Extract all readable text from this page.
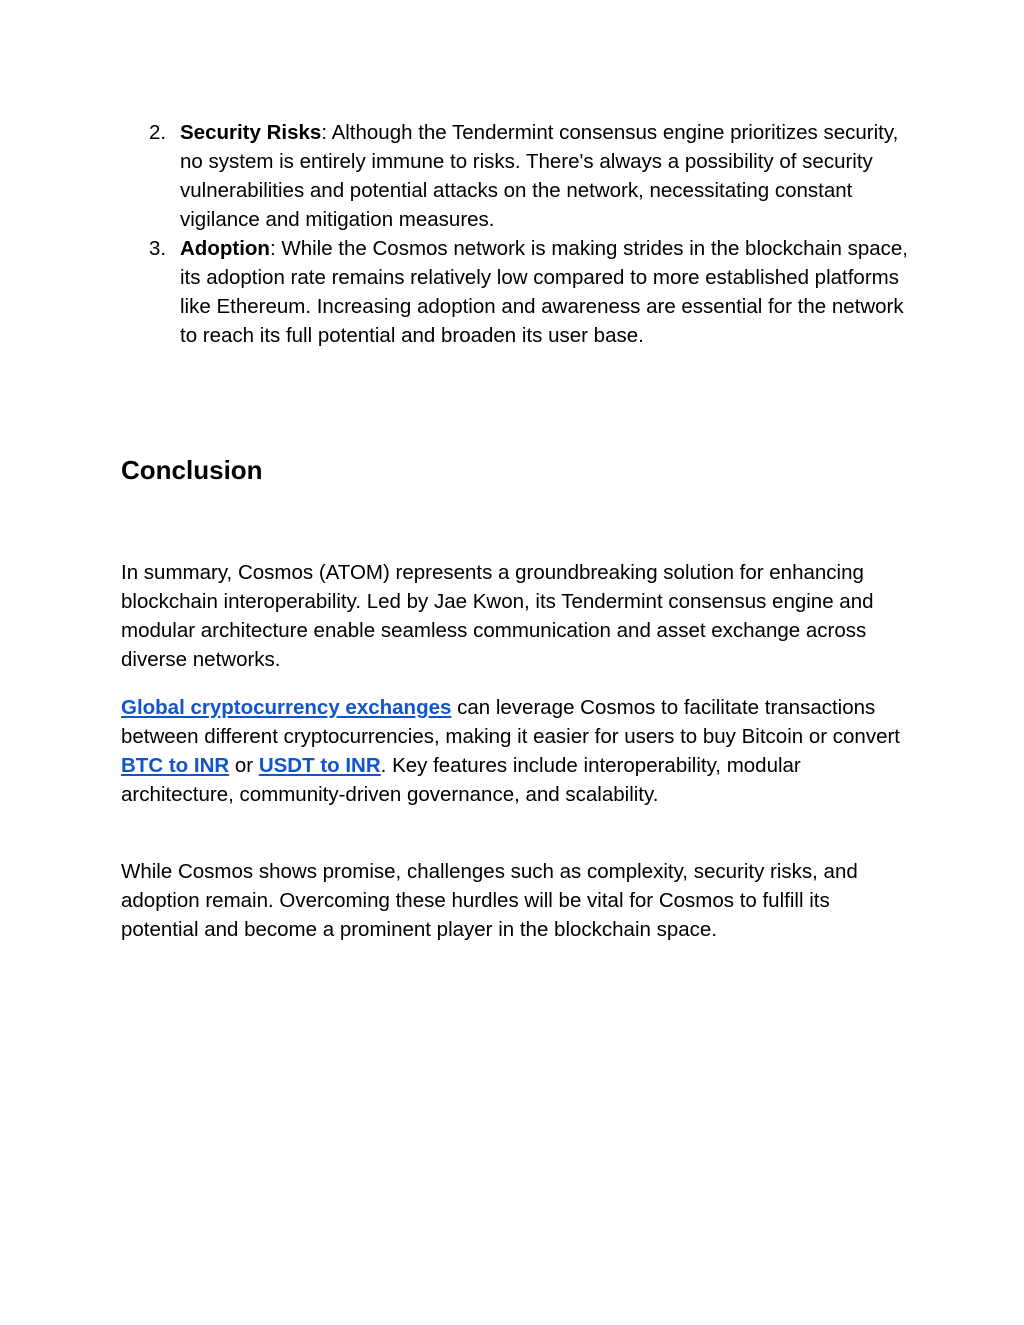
2. Security Risks: Although the Tendermint consensus engine prioritizes security, no system is entirely immune to risks. There's always a possibility of security vulnerabilities and potential attacks on the network, necessitating constant vigilance and mitigation measures.
3. Adoption: While the Cosmos network is making strides in the blockchain space, its adoption rate remains relatively low compared to more established platforms like Ethereum. Increasing adoption and awareness are essential for the network to reach its full potential and broaden its user base.
Conclusion

In summary, Cosmos (ATOM) represents a groundbreaking solution for enhancing blockchain interoperability. Led by Jae Kwon, its Tendermint consensus engine and modular architecture enable seamless communication and asset exchange across diverse networks.

Global cryptocurrency exchanges can leverage Cosmos to facilitate transactions between different cryptocurrencies, making it easier for users to buy Bitcoin or convert BTC to INR or USDT to INR. Key features include interoperability, modular architecture, community-driven governance, and scalability.

While Cosmos shows promise, challenges such as complexity, security risks, and adoption remain. Overcoming these hurdles will be vital for Cosmos to fulfill its potential and become a prominent player in the blockchain space.
